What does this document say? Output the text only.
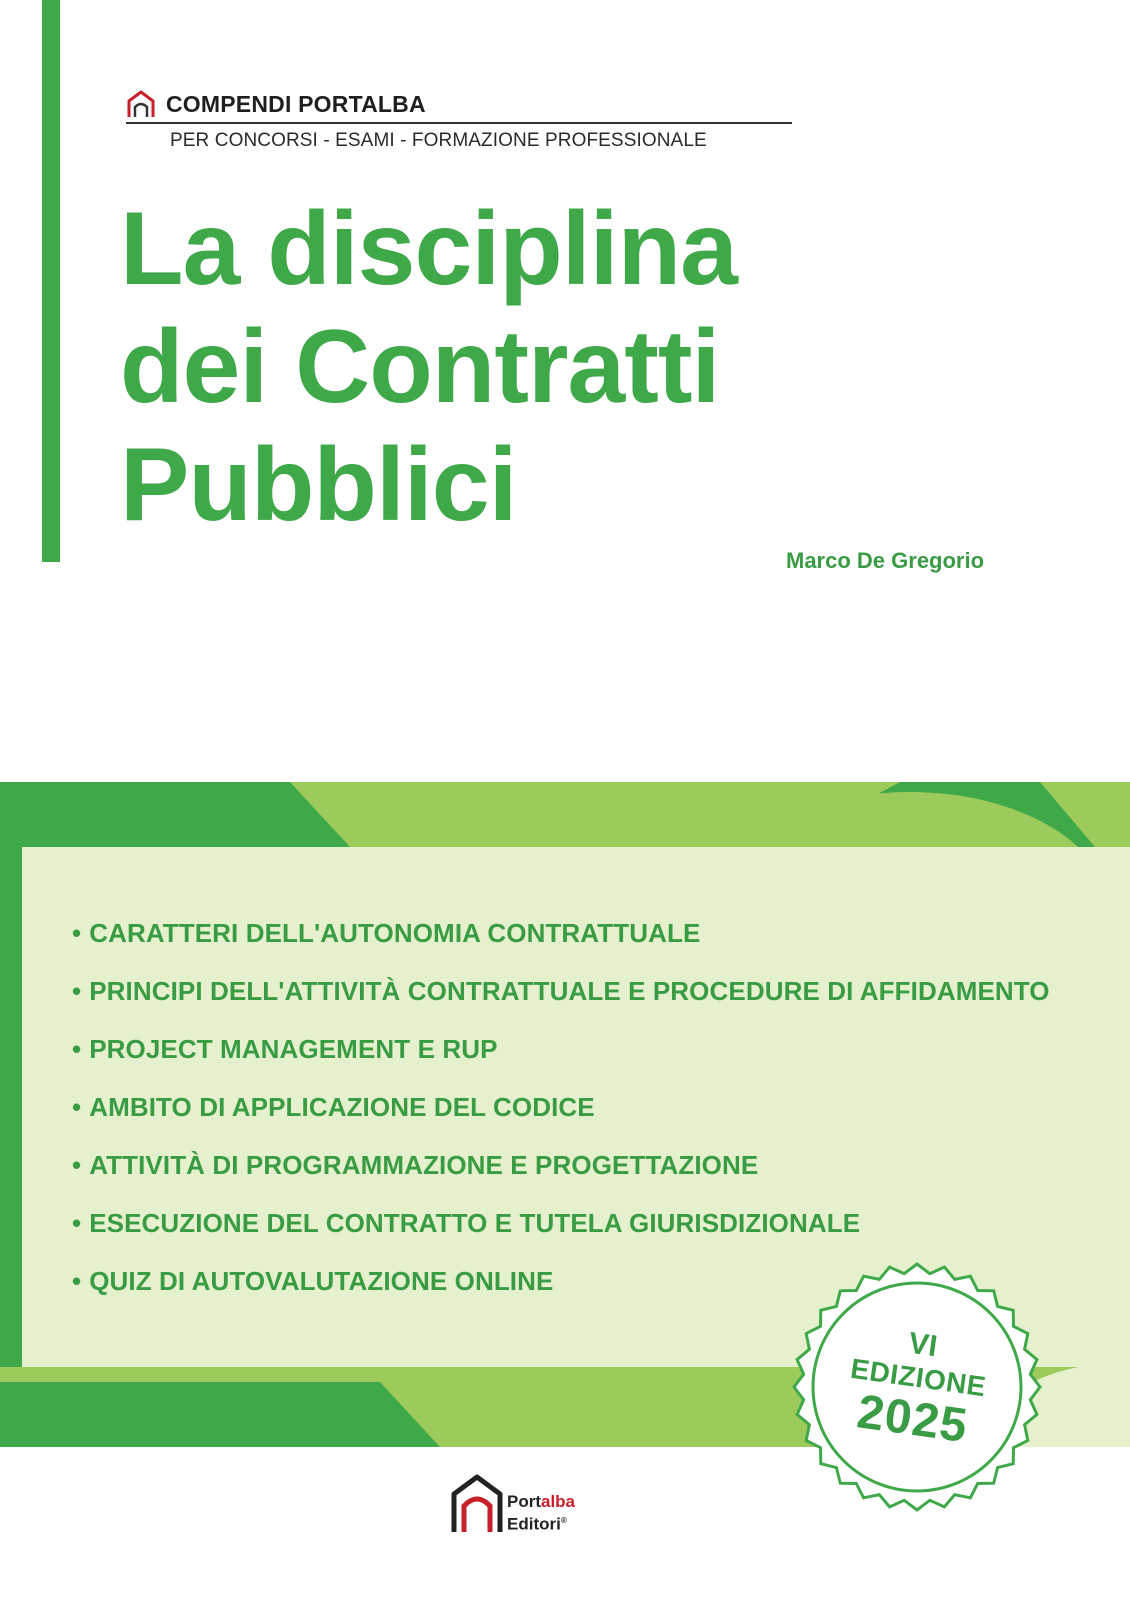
COMPENDI PORTALBA
PER CONCORSI - ESAMI - FORMAZIONE PROFESSIONALE
La disciplina
dei Contratti
Pubblici
Marco De Gregorio
• CARATTERI DELL'AUTONOMIA CONTRATTUALE
• PRINCIPI DELL'ATTIVITÀ CONTRATTUALE E PROCEDURE DI AFFIDAMENTO
• PROJECT MANAGEMENT E RUP
• AMBITO DI APPLICAZIONE DEL CODICE
• ATTIVITÀ DI PROGRAMMAZIONE E PROGETTAZIONE
• ESECUZIONE DEL CONTRATTO E TUTELA GIURISDIZIONALE
• QUIZ DI AUTOVALUTAZIONE ONLINE
VI
EDIZIONE
2025
Portalba
Editori®
